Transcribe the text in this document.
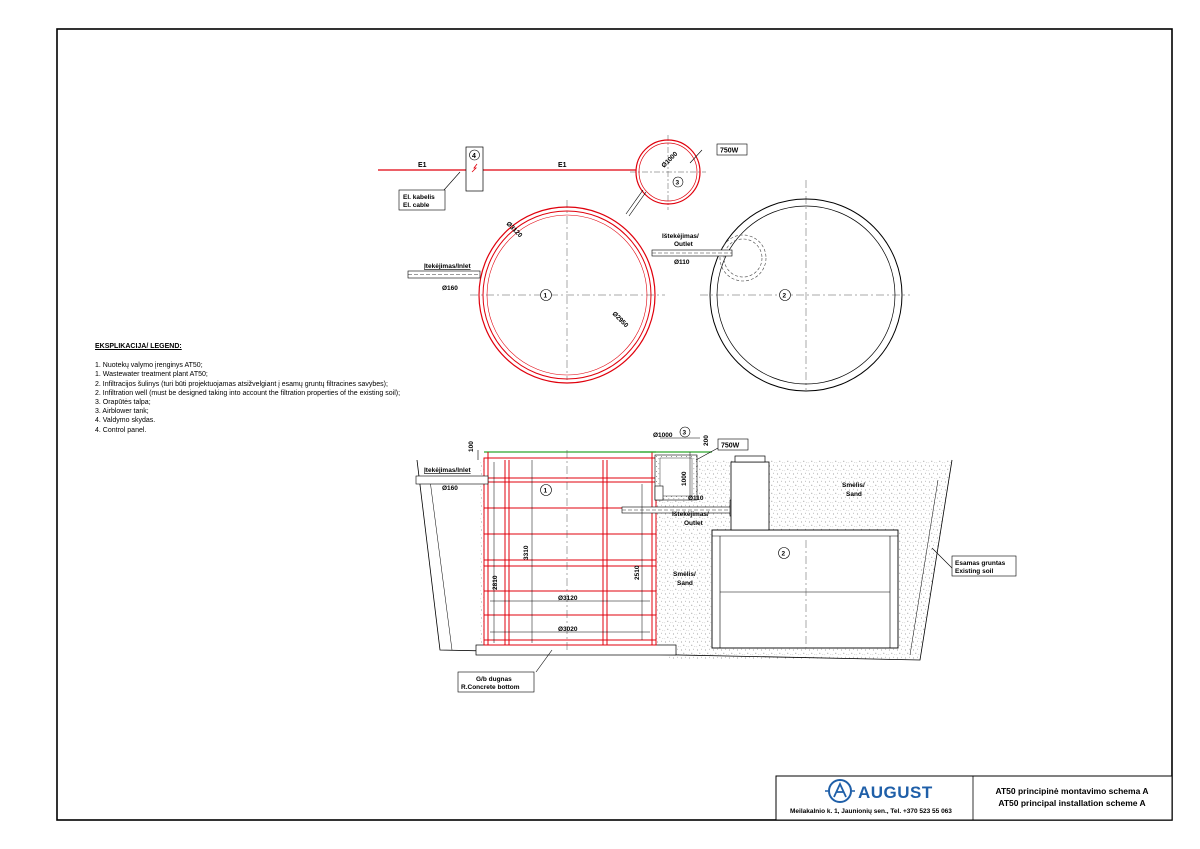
E1	E1
4
El. kabelis
El. cable
Ø1000
3
750W
Ø3120
Ø2950
1	2
Įtekėjimas/Inlet
Ø160
Ištekėjimas/
Outlet
Ø110
100
3310
2810
2510
200
1000
Ø1000 3
750W
Įtekėjimas/Inlet
Ø160
Ø110
Ištekėjimas/
Outlet
1
2
Ø3120
Ø3020
Smėlis/
Sand
Smėlis/
Sand
Esamas gruntas
Existing soil
G/b dugnas
R.Concrete bottom
AUGUST
Meilakalnio k. 1, Jaunionių sen., Tel. +370 523 55 063
AT50 principinė montavimo schema A
AT50 principal installation scheme A
EKSPLIKACIJA/ LEGEND:
1. Nuotekų valymo įrenginys AT50;
1. Wastewater treatment plant AT50;
2. Infiltracijos šulinys (turi būti projektuojamas atsižvelgiant į esamų gruntų filtracines savybes);
2. Infiltration well (must be designed taking into account the filtration properties of the existing soil);
3. Orapūtės talpa;
3. Airblower tank;
4. Valdymo skydas.
4. Control panel.
